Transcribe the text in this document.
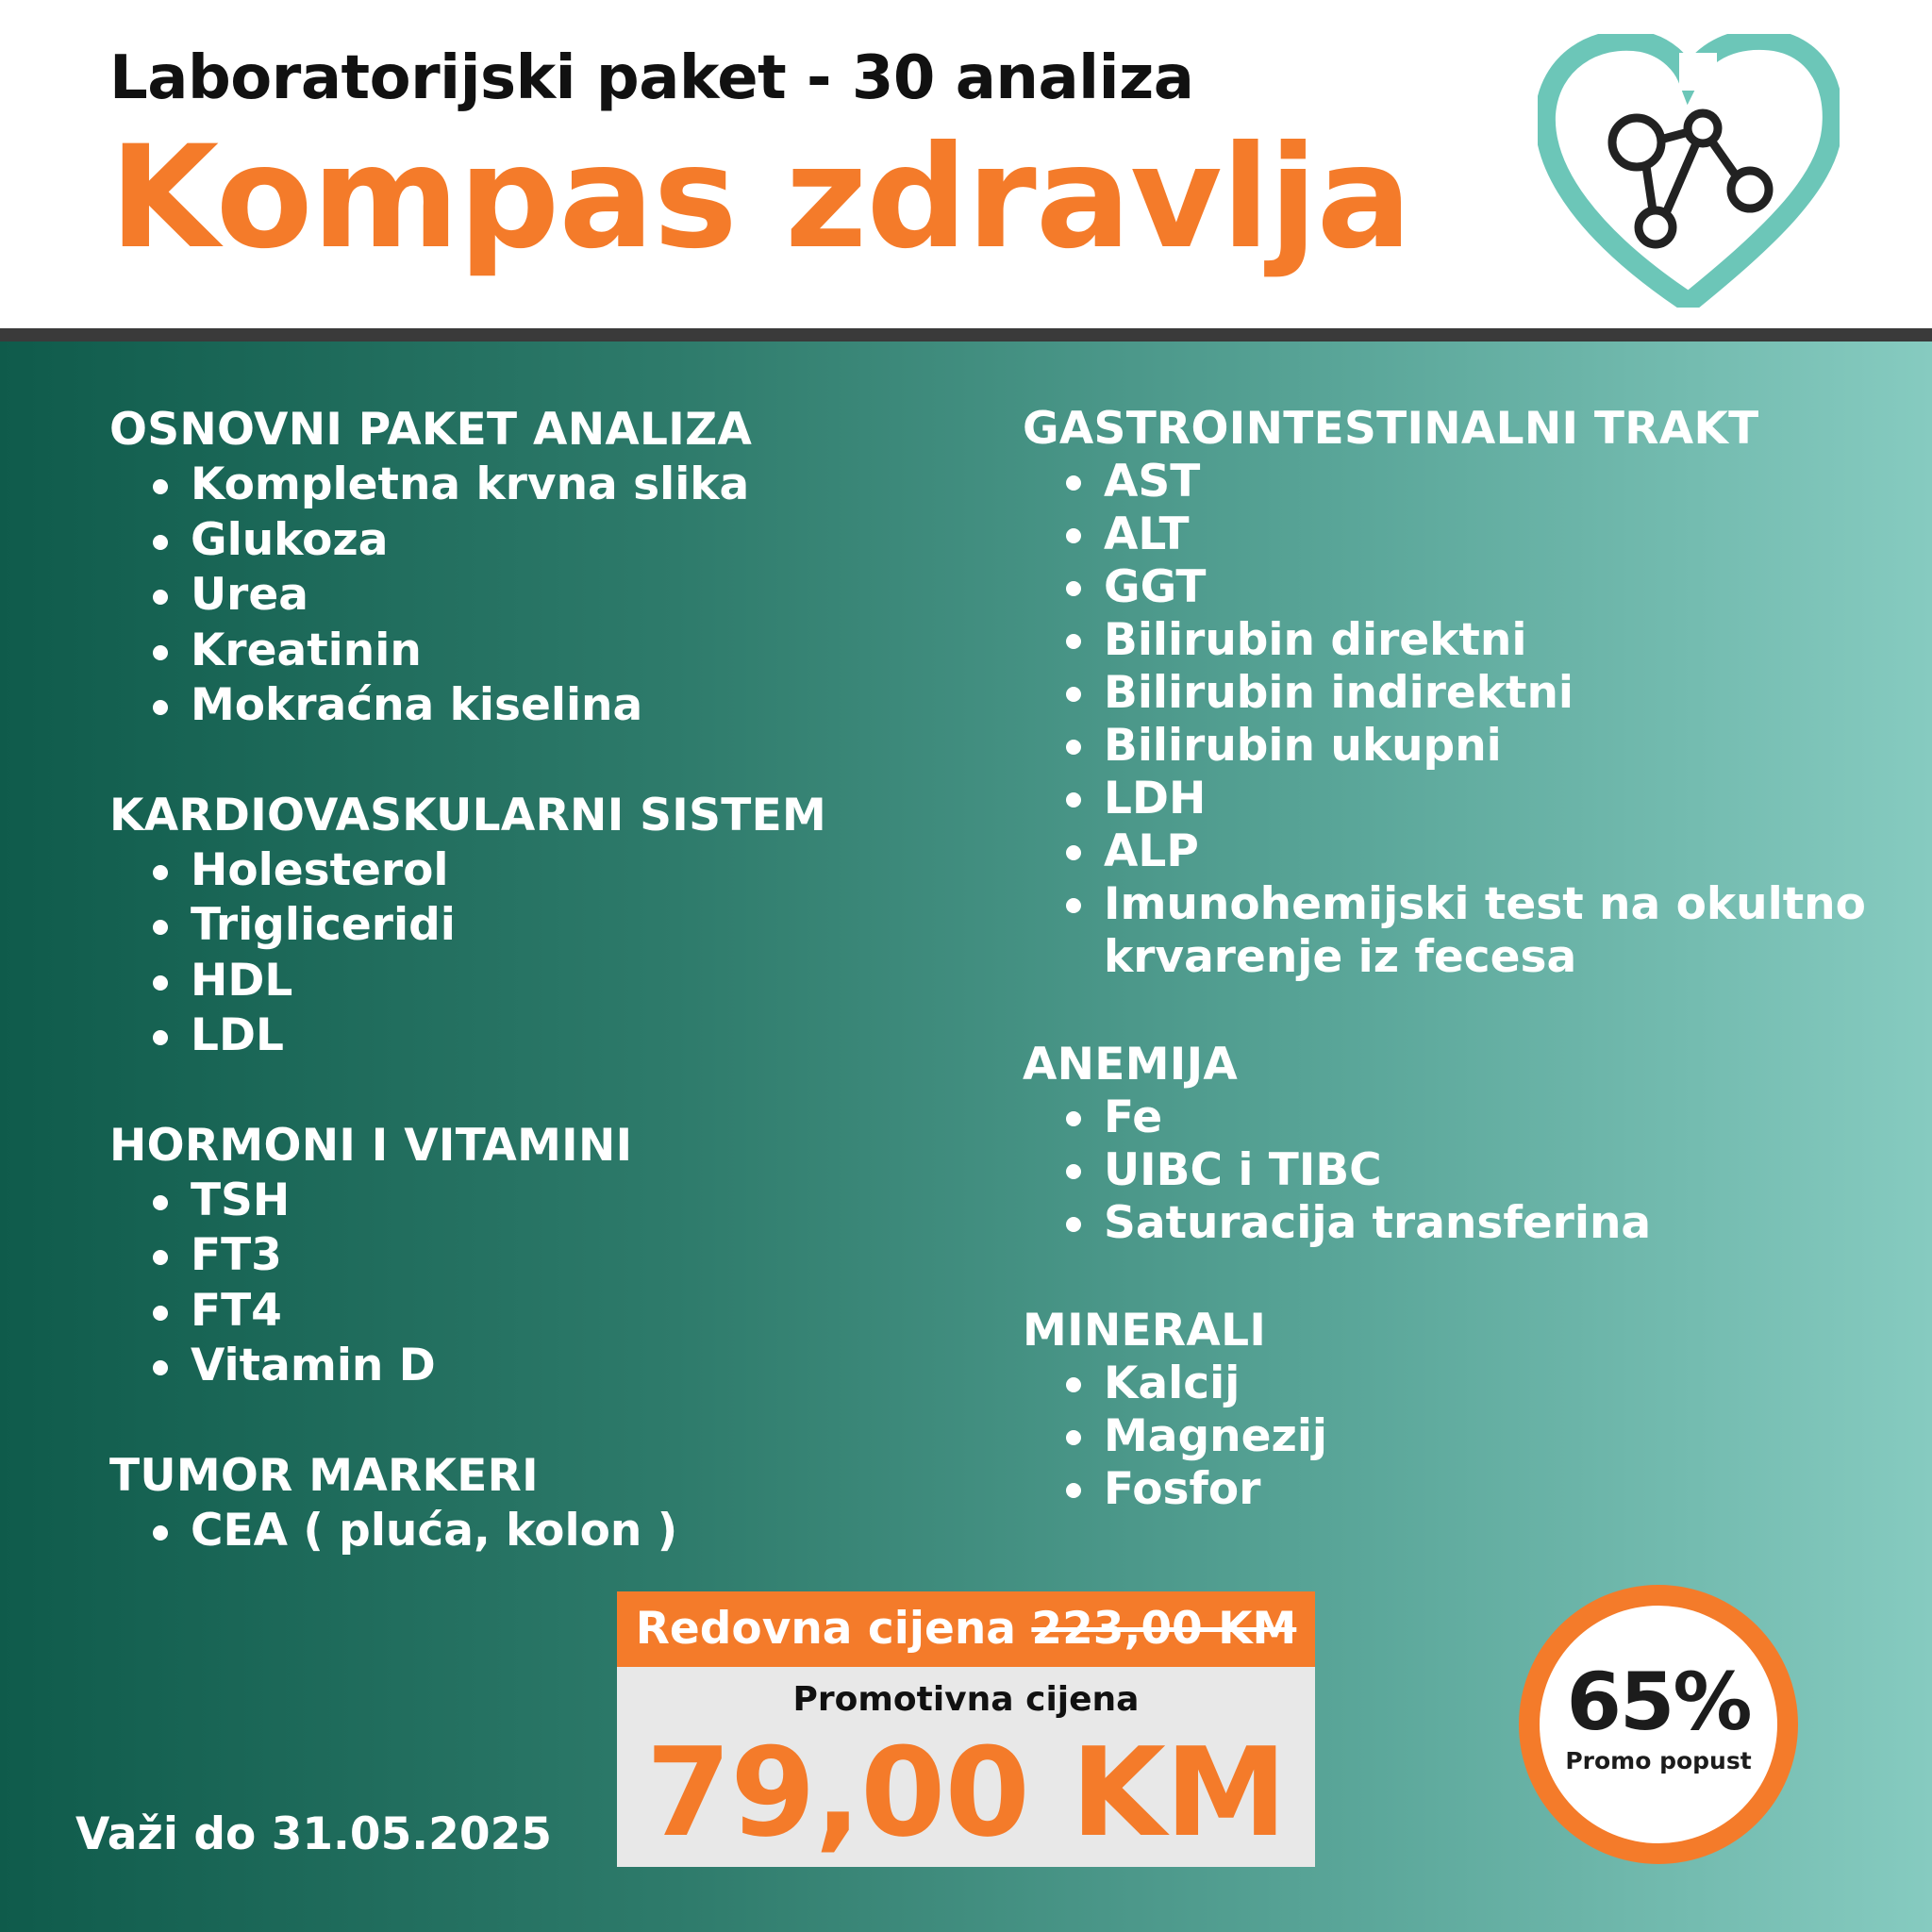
Laboratorijski paket - 30 analiza
Kompas zdravlja
OSNOVNI PAKET ANALIZA
Kompletna krvna slika
Glukoza
Urea
Kreatinin
Mokraćna kiselina
KARDIOVASKULARNI SISTEM
Holesterol
Trigliceridi
HDL
LDL
HORMONI I VITAMINI
TSH
FT3
FT4
Vitamin D
TUMOR MARKERI
CEA ( pluća, kolon )
GASTROINTESTINALNI TRAKT
AST
ALT
GGT
Bilirubin direktni
Bilirubin indirektni
Bilirubin ukupni
LDH
ALP
Imunohemijski test na okultno krvarenje iz fecesa
ANEMIJA
Fe
UIBC i TIBC
Saturacija transferina
MINERALI
Kalcij
Magnezij
Fosfor
Redovna cijena 223,00 KM
Promotivna cijena
79,00 KM
Važi do 31.05.2025
65%
Promo popust
